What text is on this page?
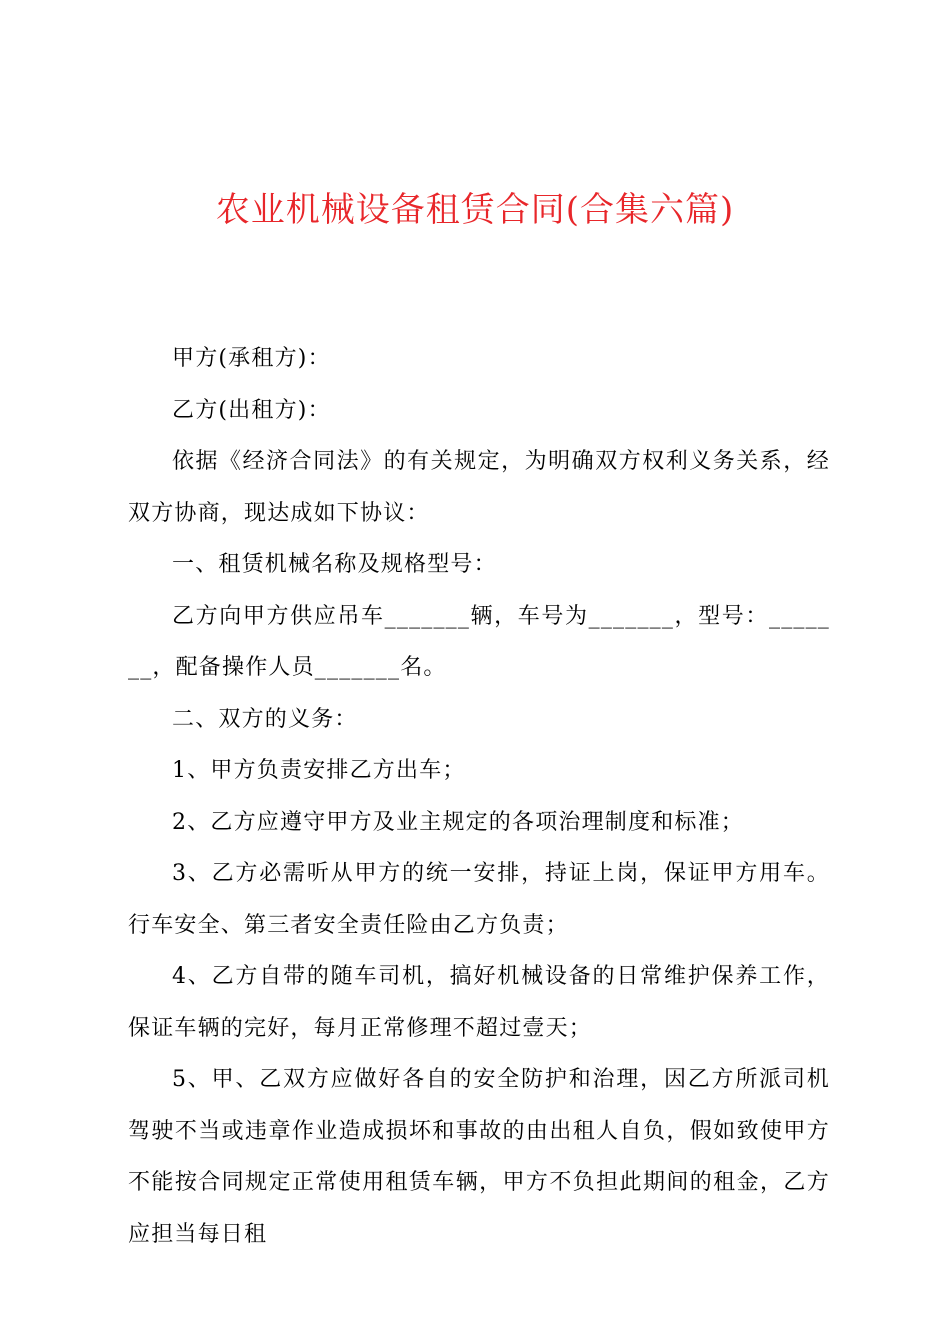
农业机械设备租赁合同(合集六篇)

甲方(承租方)：

乙方(出租方)：

依据《经济合同法》的有关规定，为明确双方权利义务关系，经双方协商，现达成如下协议：

一、租赁机械名称及规格型号：

乙方向甲方供应吊车_______辆，车号为_______，型号：_______，配备操作人员_______名。

二、双方的义务：

1、甲方负责安排乙方出车；

2、乙方应遵守甲方及业主规定的各项治理制度和标准；

3、乙方必需听从甲方的统一安排，持证上岗，保证甲方用车。行车安全、第三者安全责任险由乙方负责；

4、乙方自带的随车司机，搞好机械设备的日常维护保养工作，保证车辆的完好，每月正常修理不超过壹天；

5、甲、乙双方应做好各自的安全防护和治理，因乙方所派司机驾驶不当或违章作业造成损坏和事故的由出租人自负，假如致使甲方不能按合同规定正常使用租赁车辆，甲方不负担此期间的租金，乙方应担当每日租
